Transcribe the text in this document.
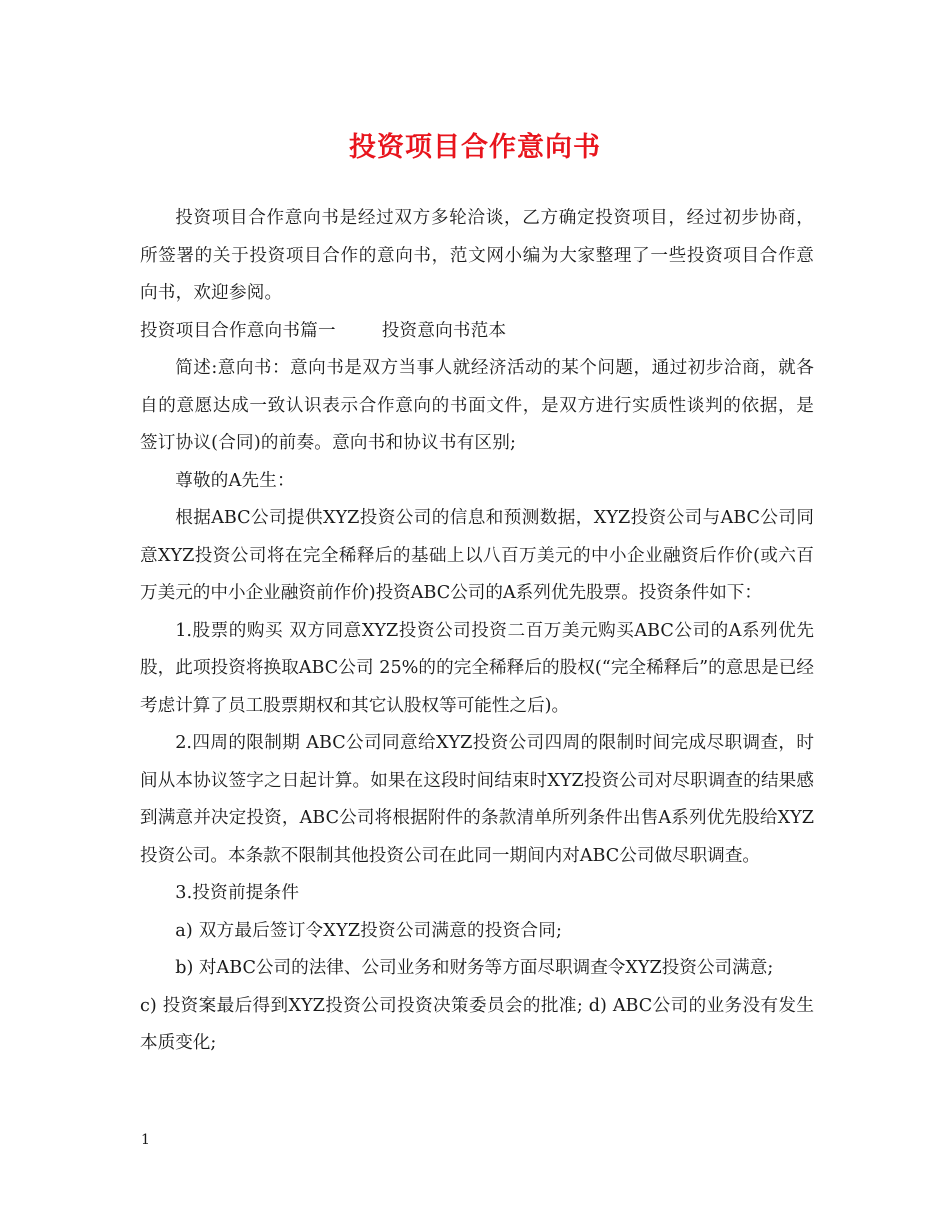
投资项目合作意向书

投资项目合作意向书是经过双方多轮洽谈，乙方确定投资项目，经过初步协商，所签署的关于投资项目合作的意向书，范文网小编为大家整理了一些投资项目合作意向书，欢迎参阅。

投资项目合作意向书篇一	投资意向书范本

简述:意向书：意向书是双方当事人就经济活动的某个问题，通过初步洽商，就各自的意愿达成一致认识表示合作意向的书面文件，是双方进行实质性谈判的依据，是签订协议(合同)的前奏。意向书和协议书有区别;

尊敬的A先生：

根据ABC公司提供XYZ投资公司的信息和预测数据，XYZ投资公司与ABC公司同意XYZ投资公司将在完全稀释后的基础上以八百万美元的中小企业融资后作价(或六百万美元的中小企业融资前作价)投资ABC公司的A系列优先股票。投资条件如下：

1.股票的购买 双方同意XYZ投资公司投资二百万美元购买ABC公司的A系列优先股，此项投资将换取ABC公司 25%的的完全稀释后的股权(“完全稀释后”的意思是已经考虑计算了员工股票期权和其它认股权等可能性之后)。

2.四周的限制期 ABC公司同意给XYZ投资公司四周的限制时间完成尽职调查，时间从本协议签字之日起计算。如果在这段时间结束时XYZ投资公司对尽职调查的结果感到满意并决定投资，ABC公司将根据附件的条款清单所列条件出售A系列优先股给XYZ投资公司。本条款不限制其他投资公司在此同一期间内对ABC公司做尽职调查。

3.投资前提条件

a) 双方最后签订令XYZ投资公司满意的投资合同;

b) 对ABC公司的法律、公司业务和财务等方面尽职调查令XYZ投资公司满意;

c) 投资案最后得到XYZ投资公司投资决策委员会的批准; d) ABC公司的业务没有发生本质变化;

1
